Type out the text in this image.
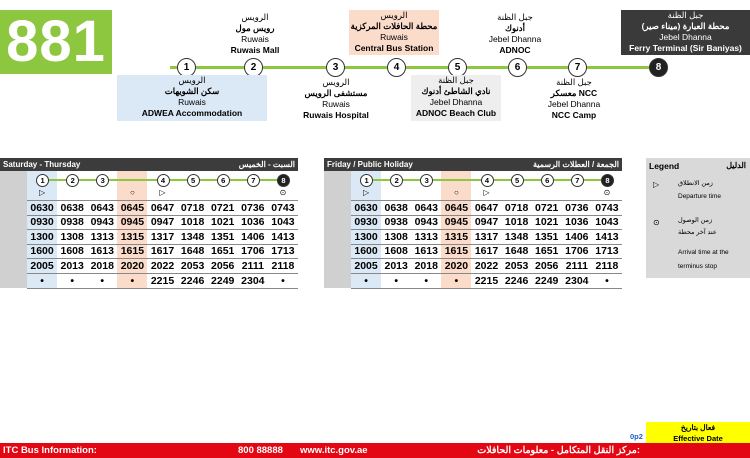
881	1	2	3	4	5	6	7	8
الرويس
رويس مول
Ruwais
Ruwais Mall
الرويس
محطة الحافلات المركزية
Ruwais
Central Bus Station
جبل الظنة
أدنوك
Jebel Dhanna
ADNOC
جبل الظنة
محطة العبارة (ميناء صير)
Jebel Dhanna
Ferry Terminal (Sir Baniyas)
الرويس
سكن الشويهات
Ruwais
ADWEA Accommodation
الرويس
مستشفى الرويس
Ruwais
Ruwais Hospital
جبل الظنة
نادي الشاطئ أدنوك
Jebel Dhanna
ADNOC Beach Club
جبل الظنة
معسكر NCC
Jebel Dhanna
NCC Camp
Saturday - Thursday	السبت - الخميس
1	2	3	4	5	6	7	8
▷	○	▷	⊙
0630 0638 0643 0645 0647 0718 0721 0736 0743
0930 0938 0943 0945 0947 1018 1021 1036 1043
1300 1308 1313 1315 1317 1348 1351 1406 1413
1600 1608 1613 1615 1617 1648 1651 1706 1713
2005 2013 2018 2020 2022 2053 2056 2111 2118
•	•	•	•	2215 2246 2249 2304	•
Friday / Public Holiday	الجمعة / العطلات الرسمية
1	2	3	4	5	6	7	8
▷	○	▷	⊙
0630 0638 0643 0645 0647 0718 0721 0736 0743
0930 0938 0943 0945 0947 1018 1021 1036 1043
1300 1308 1313 1315 1317 1348 1351 1406 1413
1600 1608 1613 1615 1617 1648 1651 1706 1713
2005 2013 2018 2020 2022 2053 2056 2111 2118
•	•	•	•	2215 2246 2249 2304	•
Legend	الدليل
▷	زمن الانطلاق
Departure time
⊙	زمن الوصول
عند آخر محطة
Arrival time at the
terminus stop
0p2
فعال بتاريخ
Effective Date
ITC Bus Information:	800 88888 www.itc.gov.ae	مركز النقل المتكامل - معلومات الحافلات:
